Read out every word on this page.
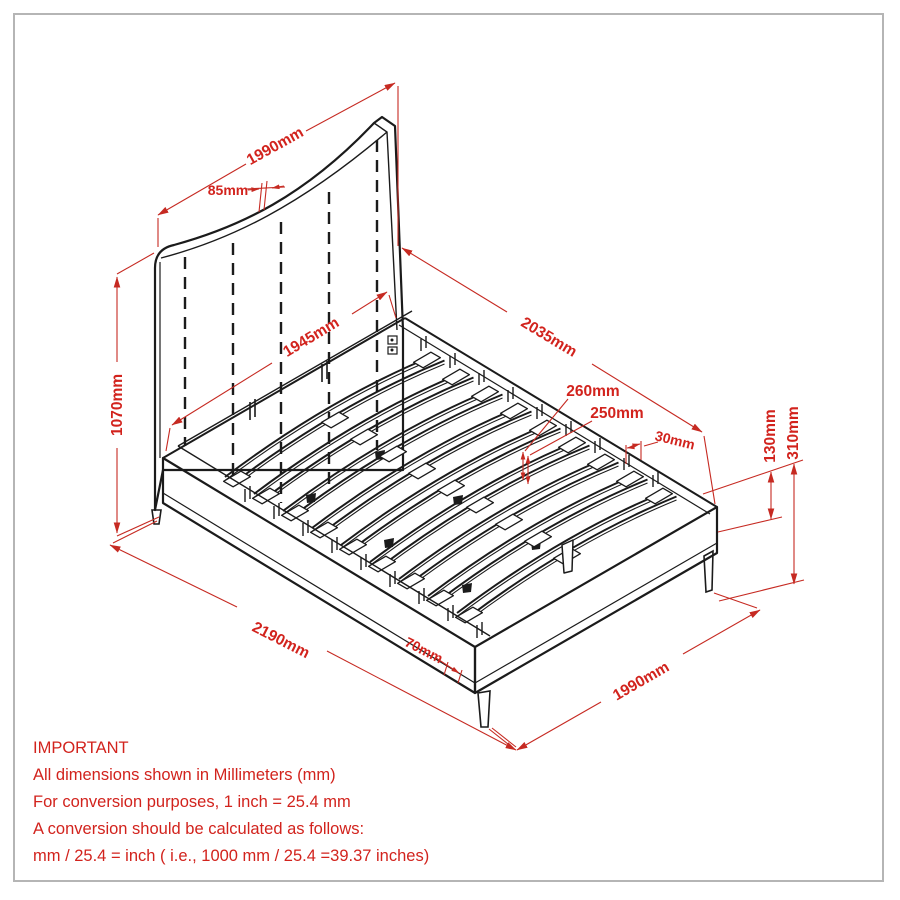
1990mm
85mm
1070mm
1945mm	2035mm
260mm
250mm
30mm	130mm 310mm
2190mm	70mm
1990mm
IMPORTANT
All dimensions shown in Millimeters (mm)
For conversion purposes, 1 inch = 25.4 mm
A conversion should be calculated as follows:
mm / 25.4 = inch ( i.e., 1000 mm / 25.4 =39.37 inches)
